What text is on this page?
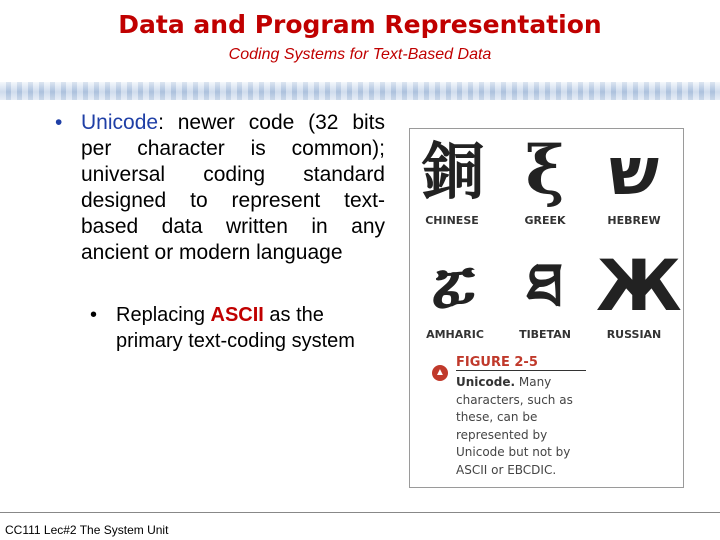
Data and Program Representation
Coding Systems for Text-Based Data
• Unicode: newer code (32 bits per character is common); universal coding standard designed to represent text-based data written in any ancient or modern language
• Replacing ASCII as the primary text-coding system
銅 ξ ש
CHINESE	GREEK	HEBREW
ፚ ཐ Ж
AMHARIC	TIBETAN	RUSSIAN
▲
FIGURE 2-5
Unicode. Many characters, such as these, can be represented by Unicode but not by ASCII or EBCDIC.
CC111 Lec#2 The System Unit
